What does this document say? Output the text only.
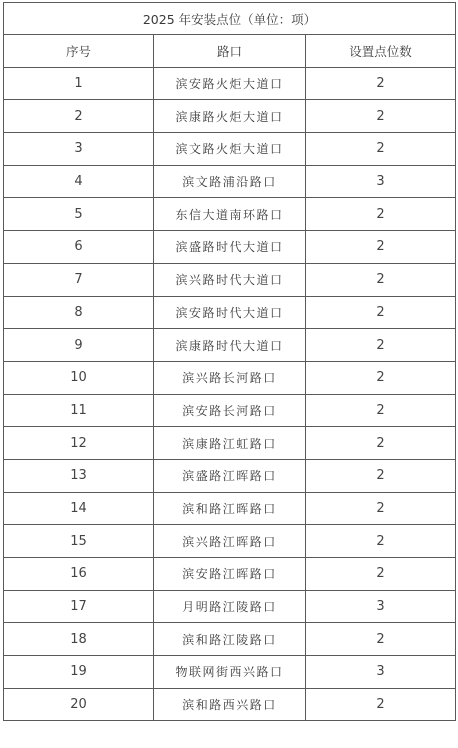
2025 年安装点位（单位：项）		
序号	路口	设置点位数
1	滨安路火炬大道口	2
2	滨康路火炬大道口	2
3	滨文路火炬大道口	2
4	滨文路浦沿路口	3
5	东信大道南环路口	2
6	滨盛路时代大道口	2
7	滨兴路时代大道口	2
8	滨安路时代大道口	2
9	滨康路时代大道口	2
10	滨兴路长河路口	2
11	滨安路长河路口	2
12	滨康路江虹路口	2
13	滨盛路江晖路口	2
14	滨和路江晖路口	2
15	滨兴路江晖路口	2
16	滨安路江晖路口	2
17	月明路江陵路口	3
18	滨和路江陵路口	2
19	物联网街西兴路口	3
20	滨和路西兴路口	2
